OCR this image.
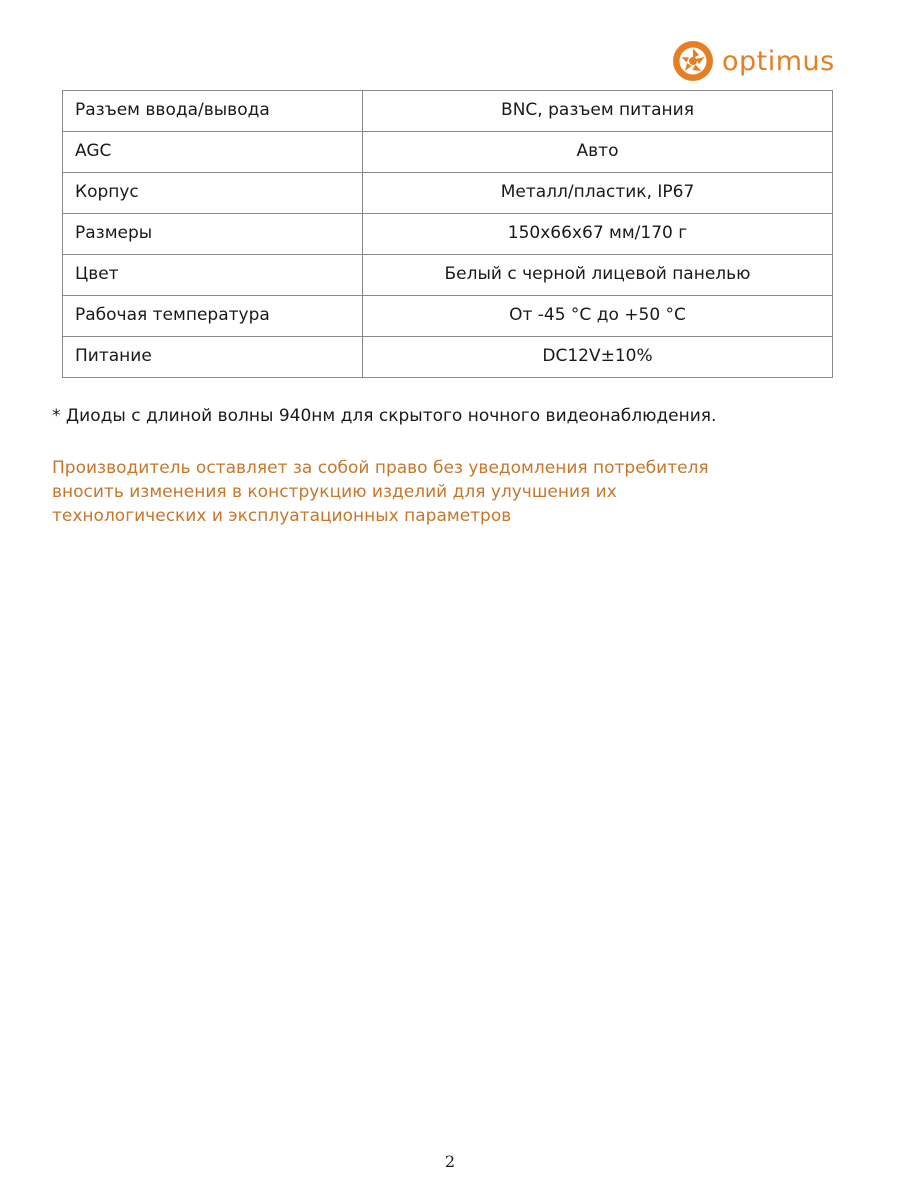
optimus
Разъем ввода/вывода	BNC, разъем питания
AGC	Авто
Корпус	Металл/пластик, IP67
Размеры	150x66x67 мм/170 г
Цвет	Белый с черной лицевой панелью
Рабочая температура	От -45 °C до +50 °C
Питание	DC12V±10%
* Диоды с длиной волны 940нм для скрытого ночного видеонаблюдения.
Производитель оставляет за собой право без уведомления потребителя
вносить изменения в конструкцию изделий для улучшения их
технологических и эксплуатационных параметров
2
